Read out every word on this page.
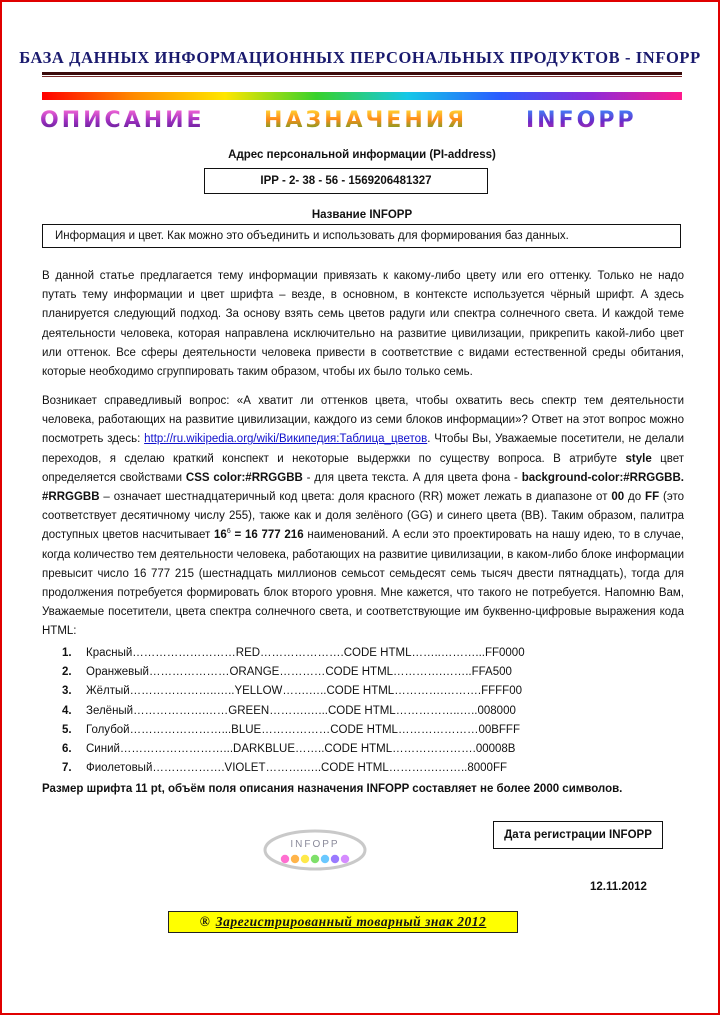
БАЗА ДАННЫХ ИНФОРМАЦИОННЫХ ПЕРСОНАЛЬНЫХ ПРОДУКТОВ - INFOPP
ОПИСАНИЕ	НАЗНАЧЕНИЯ	INFOPP
Адрес персональной информации (PI-address)
IPP - 2- 38 - 56 - 1569206481327
Название INFOPP
Информация и цвет. Как можно это объединить и использовать для формирования баз данных.
В данной статье предлагается тему информации привязать к какому-либо цвету или его оттенку. Только не надо путать тему информации и цвет шрифта – везде, в основном, в контексте используется чёрный шрифт. А здесь планируется следующий подход. За основу взять семь цветов радуги или спектра солнечного света. И каждой теме деятельности человека, которая направлена исключительно на развитие цивилизации, прикрепить какой-либо цвет или оттенок. Все сферы деятельности человека привести в соответствие с видами естественной среды обитания, которые необходимо сгруппировать таким образом, чтобы их было только семь.
Возникает справедливый вопрос: «А хватит ли оттенков цвета, чтобы охватить весь спектр тем деятельности человека, работающих на развитие цивилизации, каждого из семи блоков информации»? Ответ на этот вопрос можно посмотреть здесь: http://ru.wikipedia.org/wiki/Википедия:Таблица_цветов. Чтобы Вы, Уважаемые посетители, не делали переходов, я сделаю краткий конспект и некоторые выдержки по существу вопроса. В атрибуте style цвет определяется свойствами CSS color:#RRGGBB - для цвета текста. А для цвета фона - background-color:#RRGGBB. #RRGGBB – означает шестнадцатеричный код цвета: доля красного (RR) может лежать в диапазоне от 00 до FF (это соответствует десятичному числу 255), также как и доля зелёного (GG) и синего цвета (BB). Таким образом, палитра доступных цветов насчитывает $16^6 = 16$ 777 216 наименований. А если это проектировать на нашу идею, то в случае, когда количество тем деятельности человека, работающих на развитие цивилизации, в каком-либо блоке информации превысит число 16 777 215 (шестнадцать миллионов семьсот семьдесят семь тысяч двести пятнадцать), тогда для продолжения потребуется формировать блок второго уровня. Мне кажется, что такого не потребуется. Напомню Вам, Уважаемые посетители, цвета спектра солнечного света, и соответствующие им буквенно-цифровые выражения кода HTML:
1. Красный………………………RED………………….CODE HTML……..………...FF0000
2. Оранжевый…………………ORANGE…………CODE HTML………….……..FFA500
3. Жёлтый…………………..…..YELLOW…….…..CODE HTML………….……….FFFF00
4. Зелёный……………….……GREEN……….…...CODE HTML……………..…..008000
5. Голубой……………………...BLUE………………CODE HTML…………………00BFFF
6. Синий………………………...DARKBLUE……..CODE HTML………………….00008B
7. Фиолетовый……………….VIOLET……….…..CODE HTML………….……..8000FF
Размер шрифта 11 pt, объём поля описания назначения INFOPP составляет не более 2000 символов.
INFOPP
Дата регистрации INFOPP
12.11.2012
® Зарегистрированный товарный знак 2012
